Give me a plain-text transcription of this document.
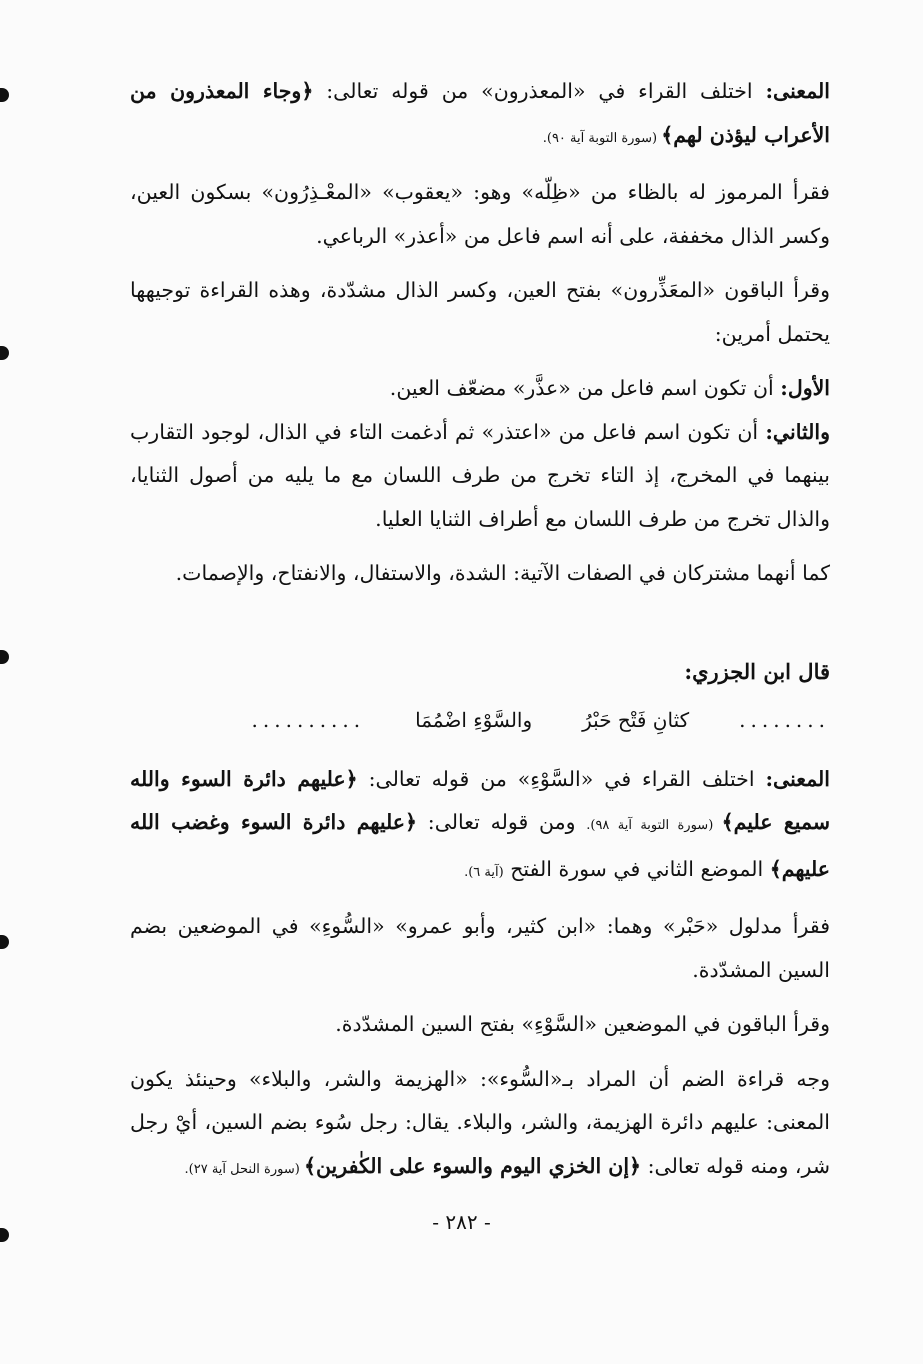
المعنى: اختلف القراء في «المعذرون» من قوله تعالى: ﴿وجاء المعذرون من الأعراب ليؤذن لهم﴾ (سورة التوبة آية ٩٠).

فقرأ المرموز له بالظاء من «ظِلّه» وهو: «يعقوب» «المعْـذِرُون» بسكون العين، وكسر الذال مخففة، على أنه اسم فاعل من «أعذر» الرباعي.

وقرأ الباقون «المعَذِّرون» بفتح العين، وكسر الذال مشدّدة، وهذه القراءة توجيهها يحتمل أمرين:

الأول: أن تكون اسم فاعل من «عذَّر» مضعّف العين.

والثاني: أن تكون اسم فاعل من «اعتذر» ثم أدغمت التاء في الذال، لوجود التقارب بينهما في المخرج، إذ التاء تخرج من طرف اللسان مع ما يليه من أصول الثنايا، والذال تخرج من طرف اللسان مع أطراف الثنايا العليا.

كما أنهما مشتركان في الصفات الآتية: الشدة، والاستفال، والانفتاح، والإصمات.

قال ابن الجزري:
........
كثانِ فَتْح حَبْرُ
والسَّوْءِ اضْمُمَا
..........

المعنى: اختلف القراء في «السَّوْءِ» من قوله تعالى: ﴿عليهم دائرة السوء والله سميع عليم﴾ (سورة التوبة آية ٩٨). ومن قوله تعالى: ﴿عليهم دائرة السوء وغضب الله عليهم﴾ الموضع الثاني في سورة الفتح (آية ٦).

فقرأ مدلول «حَبْر» وهما: «ابن كثير، وأبو عمرو» «السُّوءِ» في الموضعين بضم السين المشدّدة.

وقرأ الباقون في الموضعين «السَّوْءِ» بفتح السين المشدّدة.

وجه قراءة الضم أن المراد بـ«السُّوء»: «الهزيمة والشر، والبلاء» وحينئذ يكون المعنى: عليهم دائرة الهزيمة، والشر، والبلاء. يقال: رجل سُوء بضم السين، أيْ رجل شر، ومنه قوله تعالى: ﴿إن الخزي اليوم والسوء على الكٰفرين﴾ (سورة النحل آية ٢٧).

- ٢٨٢ -
